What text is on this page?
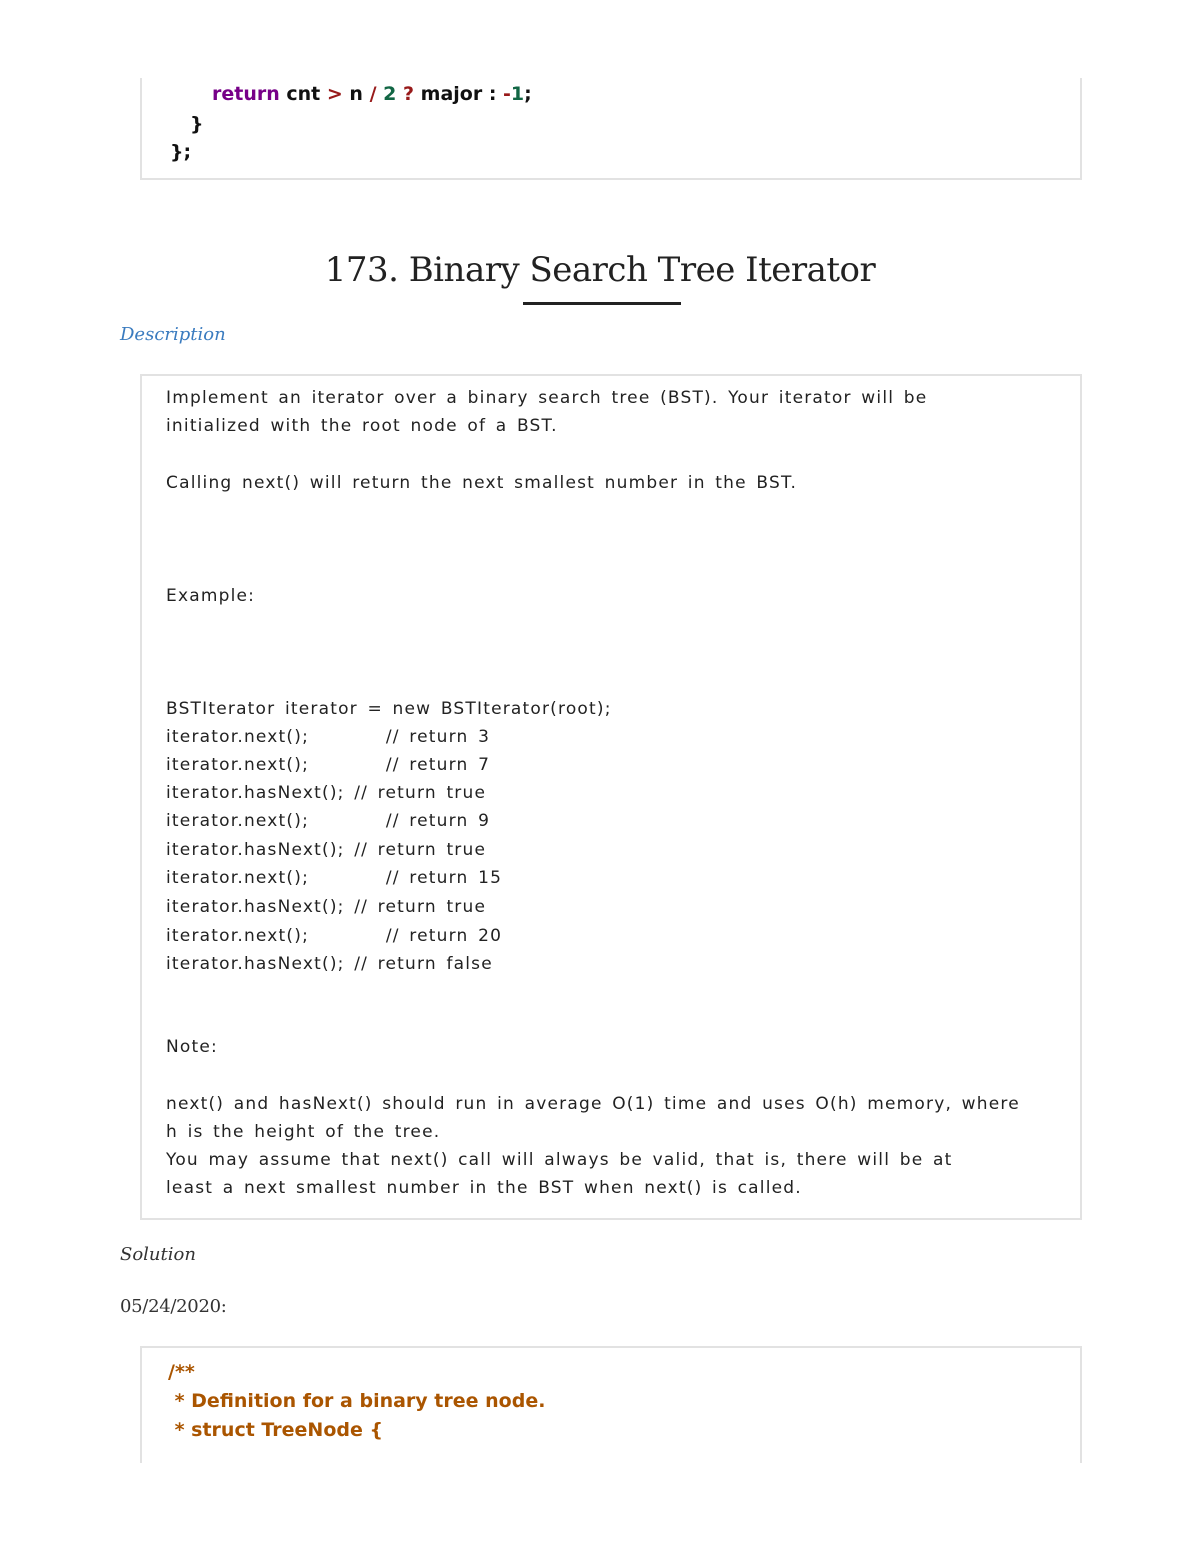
return cnt > n / 2 ? major : -1;
}
};
173. Binary Search Tree Iterator
Description
Implement an iterator over a binary search tree (BST). Your iterator will be
initialized with the root node of a BST.
Calling next() will return the next smallest number in the BST.
Example:
BSTIterator iterator = new BSTIterator(root);
iterator.next();        // return 3
iterator.next();        // return 7
iterator.hasNext(); // return true
iterator.next();        // return 9
iterator.hasNext(); // return true
iterator.next();        // return 15
iterator.hasNext(); // return true
iterator.next();        // return 20
iterator.hasNext(); // return false
Note:
next() and hasNext() should run in average O(1) time and uses O(h) memory, where
h is the height of the tree.
You may assume that next() call will always be valid, that is, there will be at
least a next smallest number in the BST when next() is called.
Solution
05/24/2020:
/**
* Definition for a binary tree node.
* struct TreeNode {
